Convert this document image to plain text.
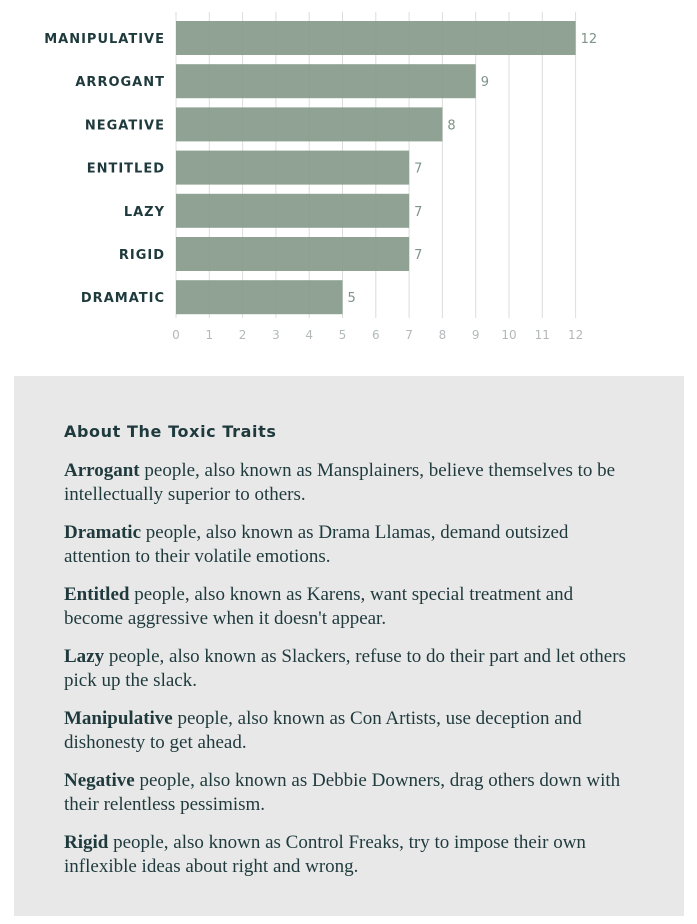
MANIPULATIVE	12
ARROGANT	9
NEGATIVE	8
ENTITLED	7
LAZY	7
RIGID	7
DRAMATIC	5
0 1 2 3 4 5 6 7 8 9 10 11 12
About The Toxic Traits

Arrogant people, also known as Mansplainers, believe themselves to be intellectually superior to others.

Dramatic people, also known as Drama Llamas, demand outsized attention to their volatile emotions.

Entitled people, also known as Karens, want special treatment and become aggressive when it doesn't appear.

Lazy people, also known as Slackers, refuse to do their part and let others pick up the slack.

Manipulative people, also known as Con Artists, use deception and dishonesty to get ahead.

Negative people, also known as Debbie Downers, drag others down with their relentless pessimism.

Rigid people, also known as Control Freaks, try to impose their own inflexible ideas about right and wrong.
